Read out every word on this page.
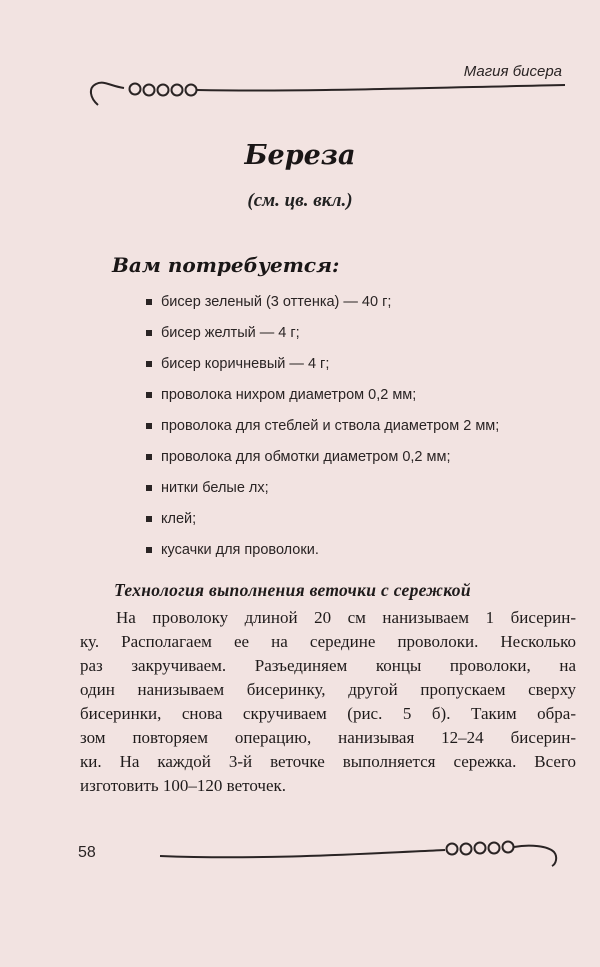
Магия бисера
Береза
(см. цв. вкл.)
Вам потребуется:
бисер зеленый (3 оттенка) — 40 г;
бисер желтый — 4 г;
бисер коричневый — 4 г;
проволока нихром диаметром 0,2 мм;
проволока для стеблей и ствола диаметром 2 мм;
проволока для обмотки диаметром 0,2 мм;
нитки белые лх;
клей;
кусачки для проволоки.
Технология выполнения веточки с сережкой
На проволоку длиной 20 см нанизываем 1 бисерин-
ку. Располагаем ее на середине проволоки. Несколько
раз закручиваем. Разъединяем концы проволоки, на
один нанизываем бисеринку, другой пропускаем сверху
бисеринки, снова скручиваем (рис. 5 б). Таким обра-
зом повторяем операцию, нанизывая 12–24 бисерин-
ки. На каждой 3-й веточке выполняется сережка. Всего
изготовить 100–120 веточек.
58
